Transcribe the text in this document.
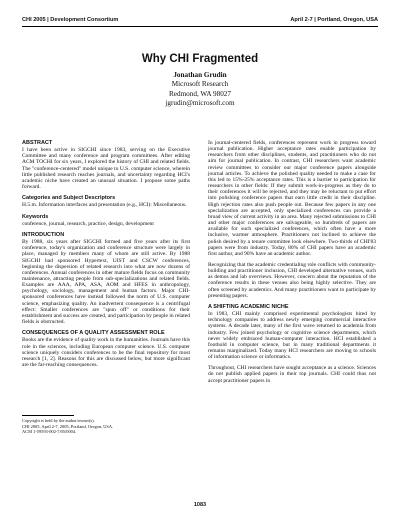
CHI 2005 | Development Consortium	April 2-7 | Portland, Oregon, USA
Why CHI Fragmented
Jonathan Grudin
Microsoft Research
Redmond, WA 98027
jgrudin@microsoft.com
ABSTRACT

I have been active in SIGCHI since 1983, serving on the Executive Committee and many conference and program committees. After editing ACM TOCHI for six years, I explored the history of CHI and related fields. The "conference-centered" model unique to U.S. computer science, wherein little published research reaches journals, and uncertainty regarding HCI's academic niche have created an unusual situation. I propose some paths forward.

Categories and Subject Descriptors

H.5.m. Information interfaces and presentation (e.g., HCI): Miscellaneous.

Keywords

conference, journal, research, practice, design, development

INTRODUCTION

By 1988, six years after SIGCHI formed and five years after its first conference, today's organization and conference structure were largely in place, managed by members many of whom are still active. By 1988 SIGCHI had sponsored Hypertext, UIST and CSCW conferences, beginning the dispersion of related research into what are now dozens of conferences. Annual conferences in other mature fields focus on community maintenance, attracting people from sub-specializations and related fields. Examples are AAA, APA, ASA, AOM and HFES in anthropology, psychology, sociology, management and human factors. Major CHI-sponsored conferences have instead followed the norm of U.S. computer science, emphasizing quality. An inadvertent consequence is a centrifugal effect: Smaller conferences are "spun off" or conditions for their establishment and success are created, and participation by people in related fields is obstructed.

CONSEQUENCES OF A QUALITY ASSESSMENT ROLE

Books are the evidence of quality work in the humanities. Journals have this role in the sciences, including European computer science. U.S. computer science uniquely considers conferences to be the final repository for most research [1, 2]. Reasons for this are discussed below, but more significant are the far-reaching consequences.

Copyright is held by the author/owner(s).
CHI 2005, April 2-7, 2005, Portland, Oregon, USA.
ACM 1-59593-002-7/05/0004.

In journal-centered fields, conferences represent work in progress toward journal publication. Higher acceptance rates enable participation by researchers from other disciplines, students, and practitioners who do not aim for journal publication. In contrast, CHI researchers want academic review committees to consider our major conference papers alongside journal articles. To achieve the polished quality needed to make a case for this led to 15%-25% acceptance rates. This is a barrier to participation for researchers in other fields: If they submit work-in-progress as they do to their conferences it will be rejected, and they may be reluctant to put effort into polishing conference papers that earn little credit in their discipline. High rejection rates also push people out. Because few papers in any one specialization are accepted, only specialized conferences can provide a broad view of current activity in an area. Many rejected submissions to CHI and other major conferences are salvageable, so hundreds of papers are available for such specialized conferences, which often have a more inclusive, warmer atmosphere. Practitioners not inclined to achieve the polish desired by a tenure committee look elsewhere. Two-thirds of CHI'83 papers were from industry. Today, 80% of CHI papers have an academic first author, and 90% have an academic author.

Recognizing that the academic credentialing role conflicts with community-building and practitioner inclusion, CHI developed alternative venues, such as demos and lab overviews. However, concern about the reputation of the conference results in these venues also being highly selective. They are often screened by academics. And many practitioners want to participate by presenting papers.

A SHIFTING ACADEMIC NICHE

In 1983, CHI mainly comprised experimental psychologists hired by technology companies to address newly emerging commercial interactive systems. A decade later, many of the first wave returned to academia from industry. Few joined psychology or cognitive science departments, which never widely embraced human-computer interaction. HCI established a foothold in computer science, but in many traditional departments it remains marginalized. Today many HCI researchers are moving to schools of information science or informatics.

Throughout, CHI researchers have sought acceptance as a science. Sciences do not publish applied papers in their top journals. CHI could thus not accept practitioner papers in

1083
